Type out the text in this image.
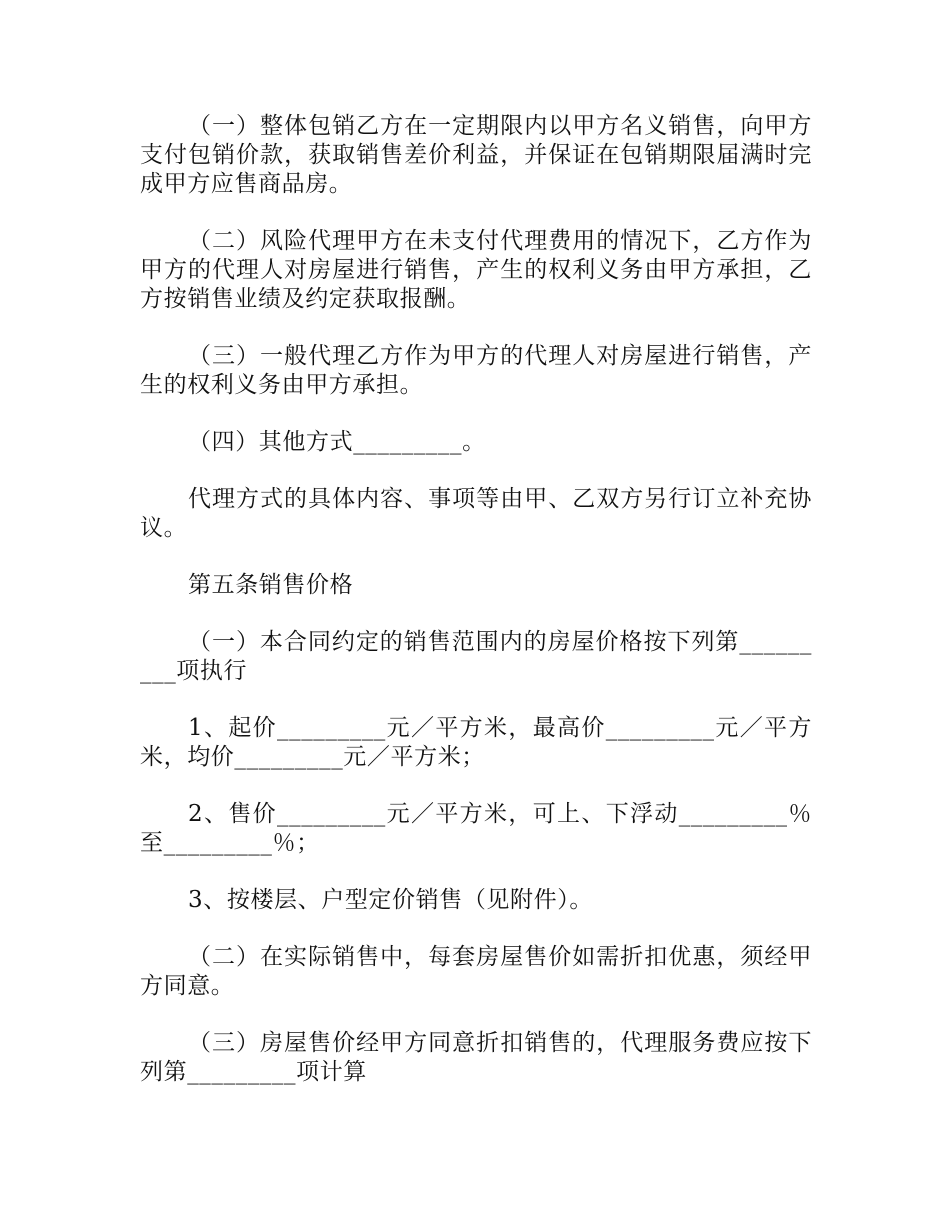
（一）整体包销乙方在一定期限内以甲方名义销售，向甲方支付包销价款，获取销售差价利益，并保证在包销期限届满时完成甲方应售商品房。

（二）风险代理甲方在未支付代理费用的情况下，乙方作为甲方的代理人对房屋进行销售，产生的权利义务由甲方承担，乙方按销售业绩及约定获取报酬。

（三）一般代理乙方作为甲方的代理人对房屋进行销售，产生的权利义务由甲方承担。

（四）其他方式_________。

代理方式的具体内容、事项等由甲、乙双方另行订立补充协议。

第五条销售价格

（一）本合同约定的销售范围内的房屋价格按下列第_________项执行

1、起价_________元／平方米，最高价_________元／平方米，均价_________元／平方米；

2、售价_________元／平方米，可上、下浮动_________％至_________％；

3、按楼层、户型定价销售（见附件）。

（二）在实际销售中，每套房屋售价如需折扣优惠，须经甲方同意。

（三）房屋售价经甲方同意折扣销售的，代理服务费应按下列第_________项计算
